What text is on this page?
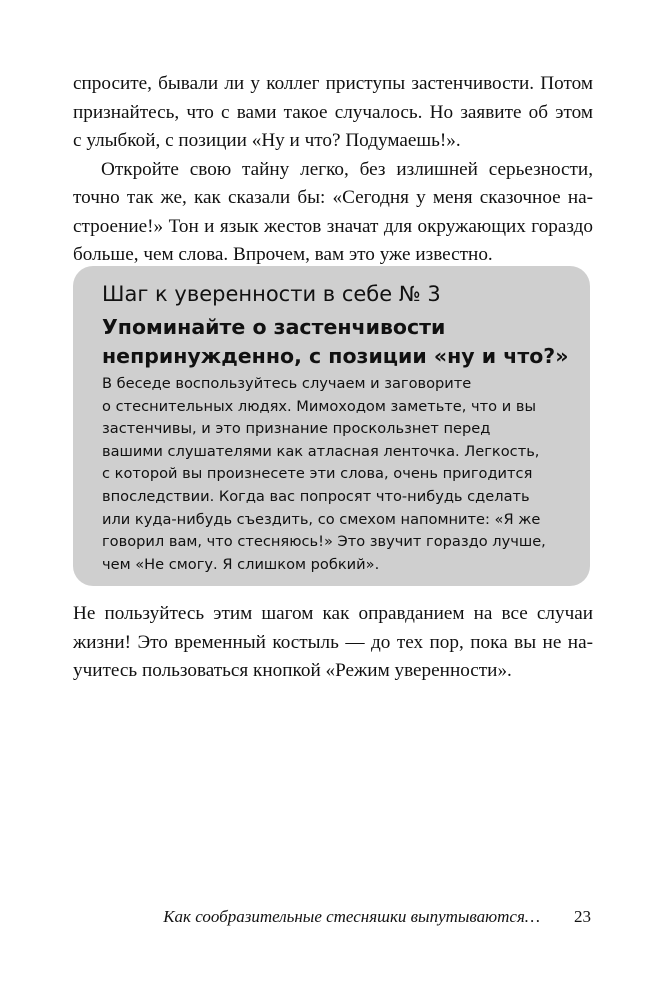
спросите, бывали ли у коллег приступы застенчивости. Потом
признайтесь, что с вами такое случалось. Но заявите об этом
с улыбкой, с позиции «Ну и что? Подумаешь!».
Откройте свою тайну легко, без излишней серьезности,
точно так же, как сказали бы: «Сегодня у меня сказочное на-
строение!» Тон и язык жестов значат для окружающих гораздо
больше, чем слова. Впрочем, вам это уже известно.
Шаг к уверенности в себе № 3
Упоминайте о застенчивости
непринужденно, с позиции «ну и что?»
В беседе воспользуйтесь случаем и заговорите
о стеснительных людях. Мимоходом заметьте, что и вы
застенчивы, и это признание проскользнет перед
вашими слушателями как атласная ленточка. Легкость,
с которой вы произнесете эти слова, очень пригодится
впоследствии. Когда вас попросят что-нибудь сделать
или куда-нибудь съездить, со смехом напомните: «Я же
говорил вам, что стесняюсь!» Это звучит гораздо лучше,
чем «Не смогу. Я слишком робкий».
Не пользуйтесь этим шагом как оправданием на все случаи
жизни! Это временный костыль — до тех пор, пока вы не на-
учитесь пользоваться кнопкой «Режим уверенности».
Как сообразительные стесняшки выпутываются… 23
